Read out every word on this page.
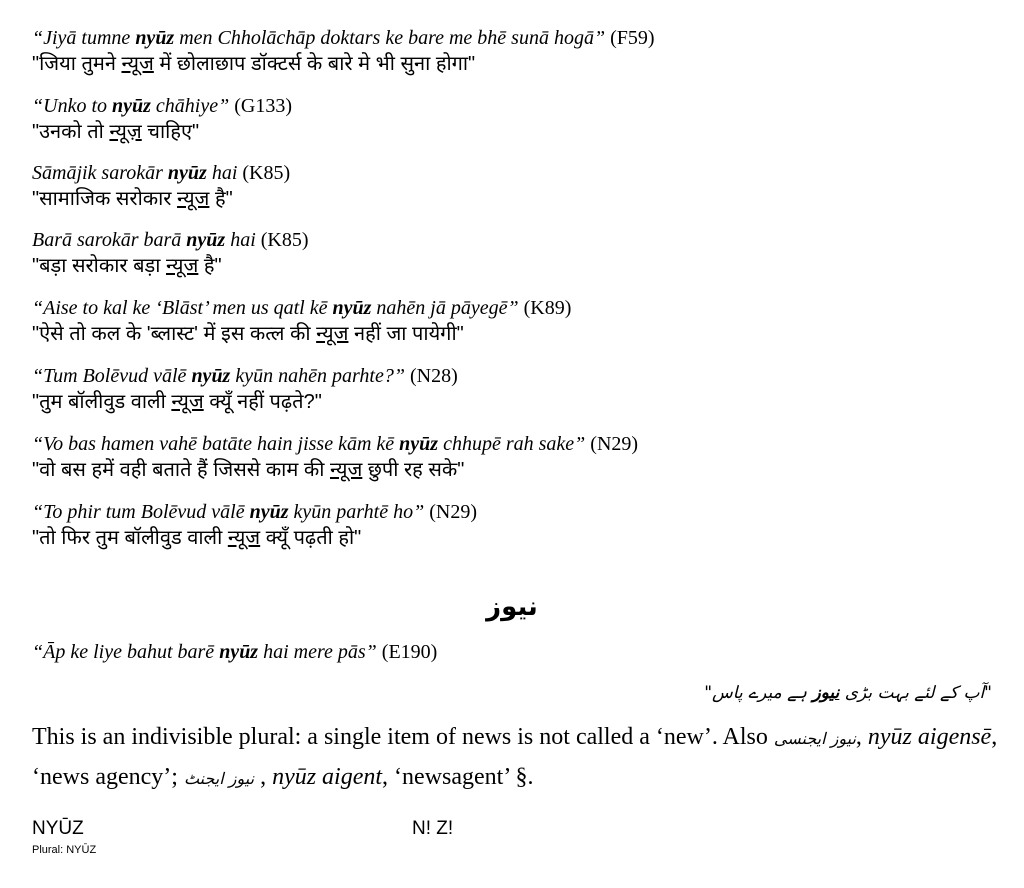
“Jiyā tumne nyūz men Chholāchāp doktars ke bare me bhē sunā hogā” (F59)
"जिया तुमने न्यूज में छोलाछाप डॉक्टर्स के बारे मे भी सुना होगा"
“Unko to nyūz chāhiye” (G133)
"उनको तो न्यूज़ चाहिए"
Sāmājik sarokār nyūz hai (K85)
"सामाजिक सरोकार न्यूज है"
Barā sarokār barā nyūz hai (K85)
"बड़ा सरोकार बड़ा न्यूज है"
“Aise to kal ke ‘Blāst’ men us qatl kē nyūz nahēn jā pāyegē” (K89)
"ऐसे तो कल के 'ब्लास्ट' में इस कत्ल की न्यूज नहीं जा पायेगी"
“Tum Bolēvud vālē nyūz kyūn nahēn parhte?” (N28)
"तुम बॉलीवुड वाली न्यूज क्यूँ नहीं पढ़ते?"
“Vo bas hamen vahē batāte hain jisse kām kē nyūz chhupē rah sake” (N29)
"वो बस हमें वही बताते हैं जिससे काम की न्यूज छुपी रह सके"
“To phir tum Bolēvud vālē nyūz kyūn parhtē ho” (N29)
"तो फिर तुम बॉलीवुड वाली न्यूज क्यूँ पढ़ती हो"
نیوز
“Āp ke liye bahut barē nyūz hai mere pās” (E190)
"آپ کے لئے بہت بڑی نیوز ہے میرے پاس"
This is an indivisible plural: a single item of news is not called a ‘new’. Also نیوز ایجنسی, nyūz aigensē, ‘news agency’; نیوز ایجنٹ , nyūz aigent, ‘newsagent’ §.
NYŪZ
Plural: NYŪZ
N! Z!
